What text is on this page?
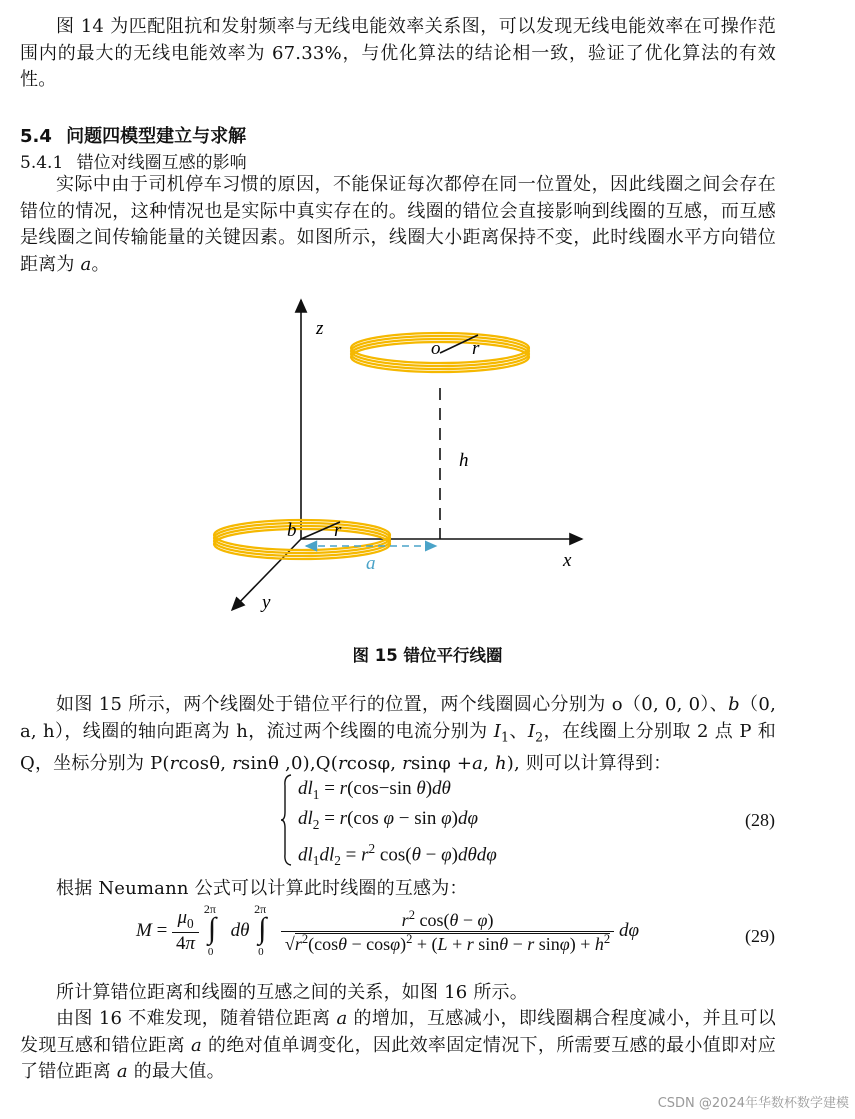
图 14 为匹配阻抗和发射频率与无线电能效率关系图，可以发现无线电能效率在可操作范围内的最大的无线电能效率为 67.33%，与优化算法的结论相一致，验证了优化算法的有效性。

5.4 问题四模型建立与求解

5.4.1 错位对线圈互感的影响

实际中由于司机停车习惯的原因，不能保证每次都停在同一位置处，因此线圈之间会存在错位的情况，这种情况也是实际中真实存在的。线圈的错位会直接影响到线圈的互感，而互感是线圈之间传输能量的关键因素。如图所示，线圈大小距离保持不变，此时线圈水平方向错位距离为 a。

z
o r
h
b r
a	x
y

图 15 错位平行线圈

如图 15 所示，两个线圈处于错位平行的位置，两个线圈圆心分别为 o（0, 0, 0）、b（0, a, h），线圈的轴向距离为 h，流过两个线圈的电流分别为 $I_1$、$I_2$，在线圈上分别取 2 点 P 和 Q，坐标分别为 P(rcosθ, rsinθ ,0),Q(rcosφ, rsinφ +a, h), 则可以计算得到：

$dl_1 = r(\cos-\sin$ θ)dθ
$dl_2 = r(\cos$ φ − sin φ)dφ
$dl_1dl_2 = r^2$ cos(θ − φ)dθdφ
(28)

根据 Neumann 公式可以计算此时线圈的互感为：

$M = \frac{\mu_0}{4\pi}$
2π
∫
0
dθ
2π
∫
0
$\frac{r^2 \cos(\theta - \varphi)}{√r^2(\cos\theta - \cos\varphi)^2 + (L + r \sin\theta - r \sin\varphi) + h^2}$ dφ	(29)

所计算错位距离和线圈的互感之间的关系，如图 16 所示。

由图 16 不难发现，随着错位距离 a 的增加，互感减小，即线圈耦合程度减小，并且可以发现互感和错位距离 a 的绝对值单调变化，因此效率固定情况下，所需要互感的最小值即对应了错位距离 a 的最大值。

CSDN @2024年华数杯数学建模
